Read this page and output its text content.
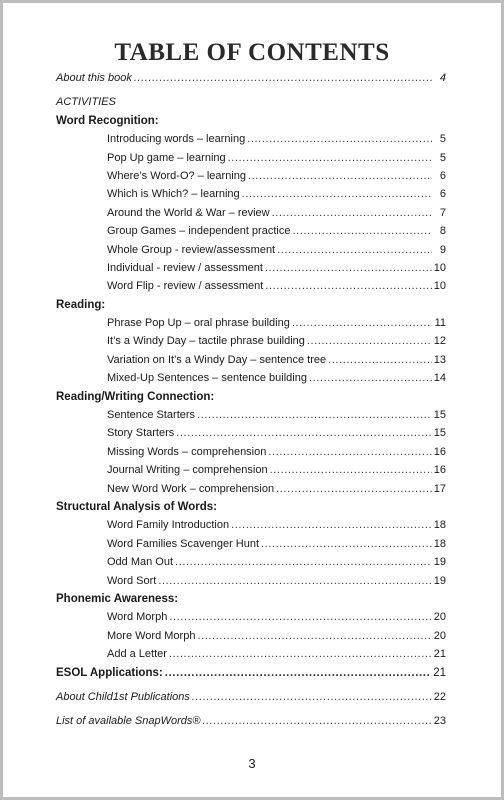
TABLE OF CONTENTS
About this book .....	4
ACTIVITIES
Word Recognition:
Introducing words – learning .....	5
Pop Up game – learning .....	5
Where’s Word-O? – learning .....	6
Which is Which? – learning .....	6
Around the World & War – review .....	7
Group Games – independent practice .....	8
Whole Group - review/assessment .....	9
Individual - review / assessment .....	10
Word Flip - review / assessment .....	10
Reading:
Phrase Pop Up – oral phrase building .....	11
It’s a Windy Day – tactile phrase building .....	12
Variation on It’s a Windy Day – sentence tree .....	13
Mixed-Up Sentences – sentence building .....	14
Reading/Writing Connection:
Sentence Starters .....	15
Story Starters .....	15
Missing Words – comprehension .....	16
Journal Writing – comprehension .....	16
New Word Work – comprehension .....	17
Structural Analysis of Words:
Word Family Introduction .....	18
Word Families Scavenger Hunt .....	18
Odd Man Out .....	19
Word Sort .....	19
Phonemic Awareness:
Word Morph .....	20
More Word Morph .....	20
Add a Letter .....	21
ESOL Applications: .....	21
About Child1st Publications .....	22
List of available SnapWords® .....	23
3
